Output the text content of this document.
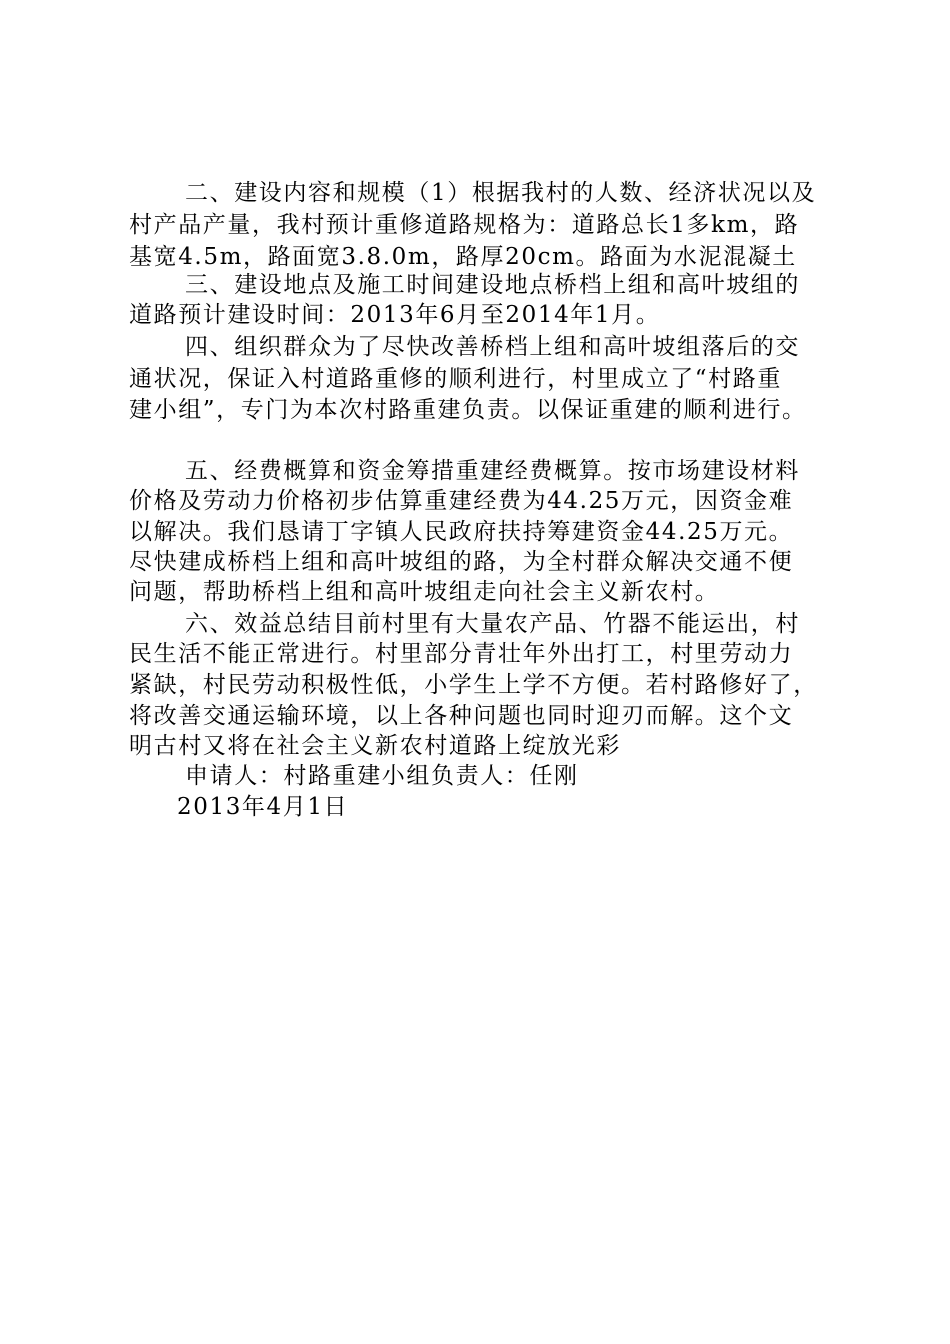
二、建设内容和规模（1）根据我村的人数、经济状况以及
村产品产量，我村预计重修道路规格为：道路总长1多km，路
基宽4.5m，路面宽3.8.0m，路厚20cm。路面为水泥混凝土
三、建设地点及施工时间建设地点桥档上组和高叶坡组的
道路预计建设时间：2013年6月至2014年1月。
四、组织群众为了尽快改善桥档上组和高叶坡组落后的交
通状况，保证入村道路重修的顺利进行，村里成立了“村路重
建小组”，专门为本次村路重建负责。以保证重建的顺利进行。
五、经费概算和资金筹措重建经费概算。按市场建设材料
价格及劳动力价格初步估算重建经费为44.25万元，因资金难
以解决。我们恳请丁字镇人民政府扶持筹建资金44.25万元。
尽快建成桥档上组和高叶坡组的路，为全村群众解决交通不便
问题，帮助桥档上组和高叶坡组走向社会主义新农村。
六、效益总结目前村里有大量农产品、竹器不能运出，村
民生活不能正常进行。村里部分青壮年外出打工，村里劳动力
紧缺，村民劳动积极性低，小学生上学不方便。若村路修好了，
将改善交通运输环境，以上各种问题也同时迎刃而解。这个文
明古村又将在社会主义新农村道路上绽放光彩
申请人：村路重建小组负责人：任刚
2013年4月1日
